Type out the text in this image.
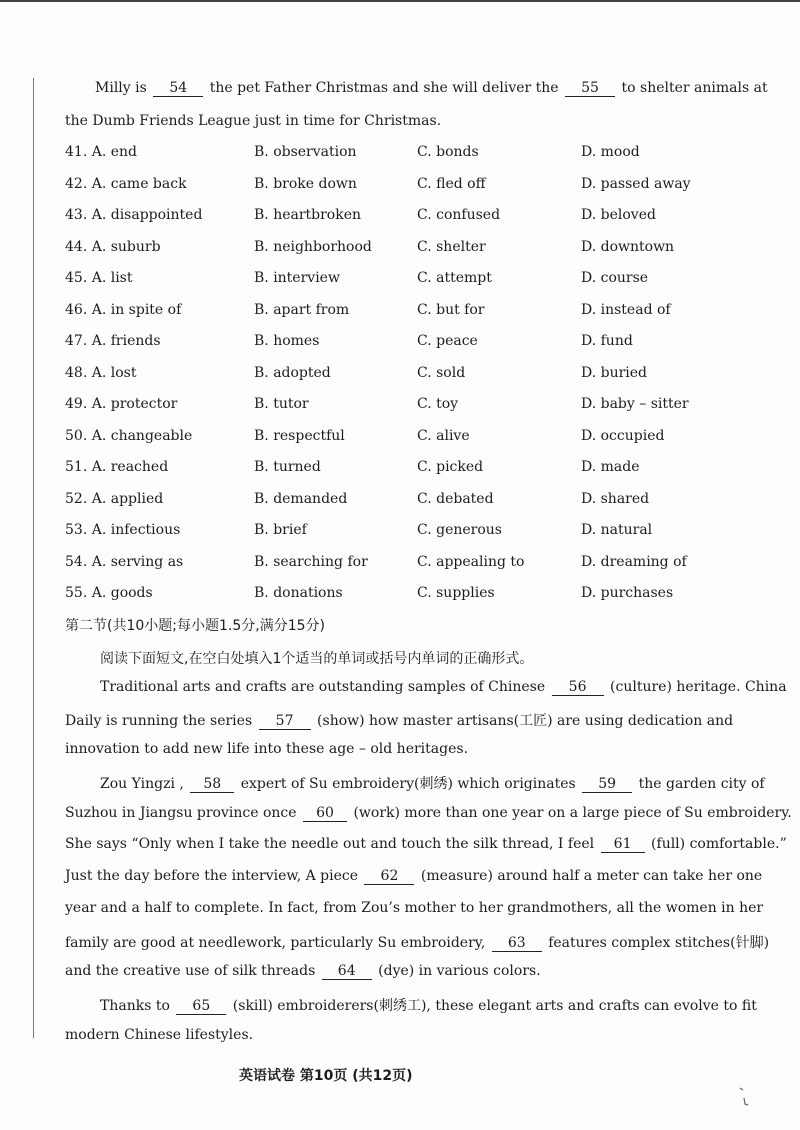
Milly is 54 the pet Father Christmas and she will deliver the 55 to shelter animals at
the Dumb Friends League just in time for Christmas.
41. A. end	B. observation	C. bonds	D. mood
42. A. came back	B. broke down	C. fled off	D. passed away
43. A. disappointed	B. heartbroken	C. confused	D. beloved
44. A. suburb	B. neighborhood	C. shelter	D. downtown
45. A. list	B. interview	C. attempt	D. course
46. A. in spite of	B. apart from	C. but for	D. instead of
47. A. friends	B. homes	C. peace	D. fund
48. A. lost	B. adopted	C. sold	D. buried
49. A. protector	B. tutor	C. toy	D. baby – sitter
50. A. changeable	B. respectful	C. alive	D. occupied
51. A. reached	B. turned	C. picked	D. made
52. A. applied	B. demanded	C. debated	D. shared
53. A. infectious	B. brief	C. generous	D. natural
54. A. serving as	B. searching for	C. appealing to	D. dreaming of
55. A. goods	B. donations	C. supplies	D. purchases
第二节(共10小题;每小题1.5分,满分15分)
阅读下面短文,在空白处填入1个适当的单词或括号内单词的正确形式。
Traditional arts and crafts are outstanding samples of Chinese 56 (culture) heritage. China
Daily is running the series 57 (show) how master artisans(工匠) are using dedication and
innovation to add new life into these age – old heritages.
Zou Yingzi , 58 expert of Su embroidery(刺绣) which originates 59 the garden city of
Suzhou in Jiangsu province once 60 (work) more than one year on a large piece of Su embroidery.
She says “Only when I take the needle out and touch the silk thread, I feel 61 (full) comfortable.”
Just the day before the interview, A piece 62 (measure) around half a meter can take her one
year and a half to complete. In fact, from Zou’s mother to her grandmothers, all the women in her
family are good at needlework, particularly Su embroidery, 63 features complex stitches(针脚)
and the creative use of silk threads 64 (dye) in various colors.
Thanks to 65 (skill) embroiderers(刺绣工), these elegant arts and crafts can evolve to fit
modern Chinese lifestyles.
英语试卷 第10页 (共12页)
